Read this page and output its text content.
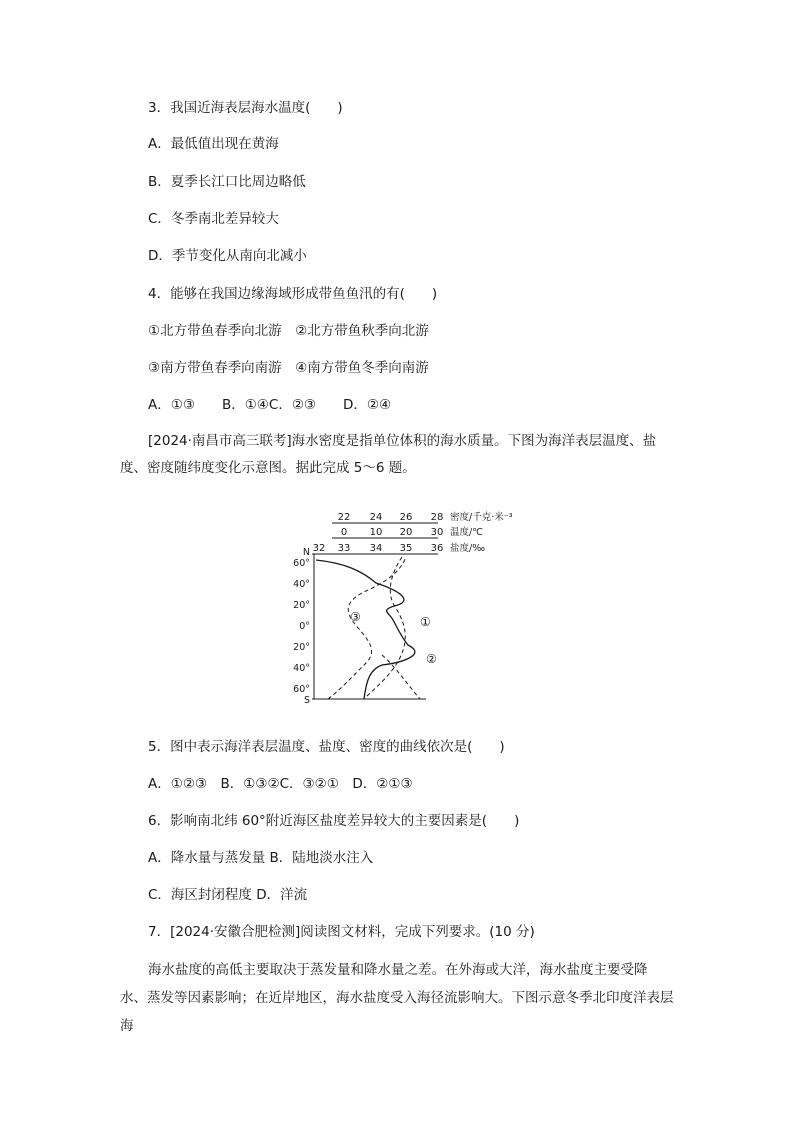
3．我国近海表层海水温度(　　)
A．最低值出现在黄海
B．夏季长江口比周边略低
C．冬季南北差异较大
D．季节变化从南向北减小
4．能够在我国边缘海域形成带鱼鱼汛的有(　　)
①北方带鱼春季向北游　②北方带鱼秋季向北游
③南方带鱼春季向南游　④南方带鱼冬季向南游
A．①③　　B．①④C．②③　　D．②④
[2024·南昌市高三联考]海水密度是指单位体积的海水质量。下图为海洋表层温度、盐
度、密度随纬度变化示意图。据此完成 5～6 题。
22 24 26 28 密度/千克·米⁻³
0 10 20 30 温度/℃
32 33 34 35 36 盐度/‰
N
60°
40°
20°
0°
20°
40°
60°
S
①
②
③
5．图中表示海洋表层温度、盐度、密度的曲线依次是(　　)
A．①②③　B．①③②C．③②①　D．②①③
6．影响南北纬 60°附近海区盐度差异较大的主要因素是(　　)
A．降水量与蒸发量 B．陆地淡水注入
C．海区封闭程度 D．洋流
7．[2024·安徽合肥检测]阅读图文材料，完成下列要求。(10 分)
海水盐度的高低主要取决于蒸发量和降水量之差。在外海或大洋，海水盐度主要受降水、蒸发等因素影响；在近岸地区，海水盐度受入海径流影响大。下图示意冬季北印度洋表层海
